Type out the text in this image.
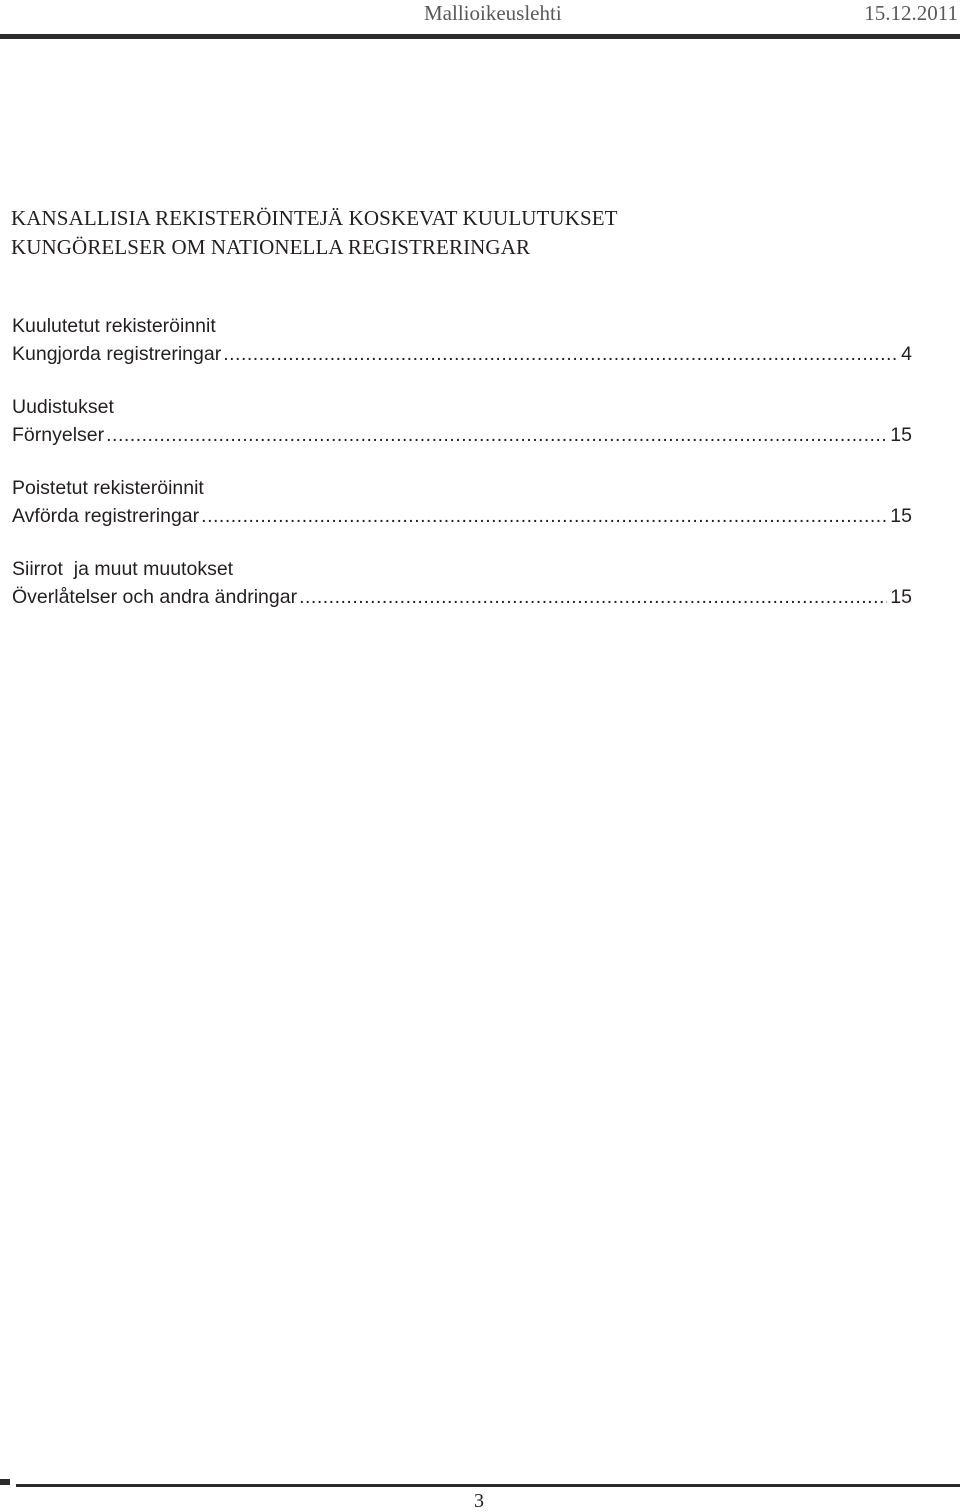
Mallioikeuslehti	15.12.2011
KANSALLISIA REKISTERÖINTEJÄ KOSKEVAT KUULUTUKSET
KUNGÖRELSER OM NATIONELLA REGISTRERINGAR
Kuulutetut rekisteröinnit
Kungjorda registreringar .....	4
Uudistukset
Förnyelser .....	15
Poistetut rekisteröinnit
Avförda registreringar .....	15
Siirrot  ja muut muutokset
Överlåtelser och andra ändringar .....	15
3
